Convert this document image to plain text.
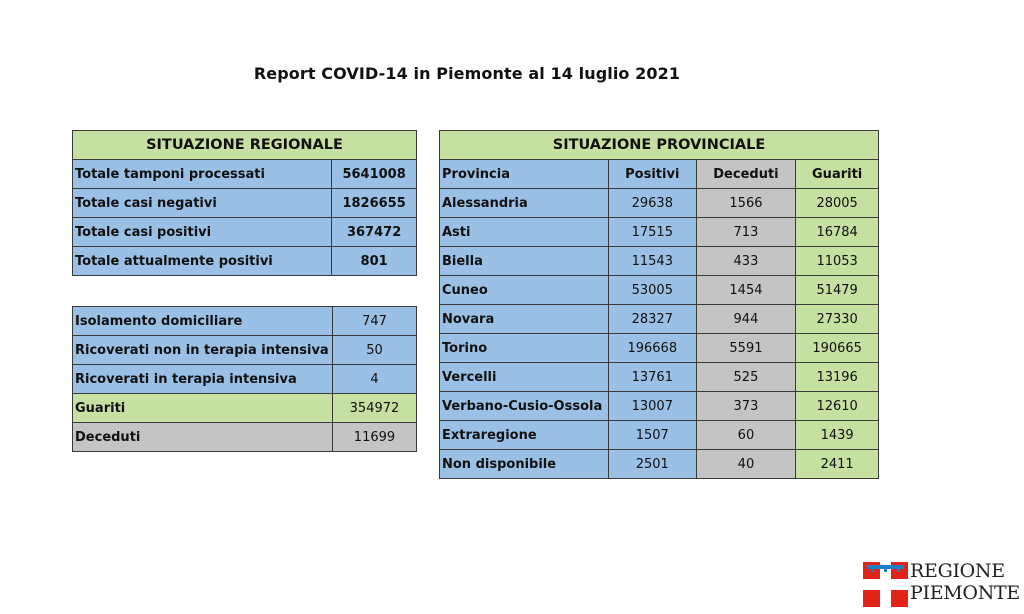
Report COVID-14 in Piemonte al 14 luglio 2021
SITUAZIONE REGIONALE	
Totale tamponi processati	5641008
Totale casi negativi	1826655
Totale casi positivi	367472
Totale attualmente positivi	801
Isolamento domiciliare	747
Ricoverati non in terapia intensiva	50
Ricoverati in terapia intensiva	4
Guariti	354972
Deceduti	11699
SITUAZIONE PROVINCIALE			
Provincia	Positivi	Deceduti	Guariti
Alessandria	29638	1566	28005
Asti	17515	713	16784
Biella	11543	433	11053
Cuneo	53005	1454	51479
Novara	28327	944	27330
Torino	196668	5591	190665
Vercelli	13761	525	13196
Verbano-Cusio-Ossola	13007	373	12610
Extraregione	1507	60	1439
Non disponibile	2501	40	2411
REGIONE
PIEMONTE
